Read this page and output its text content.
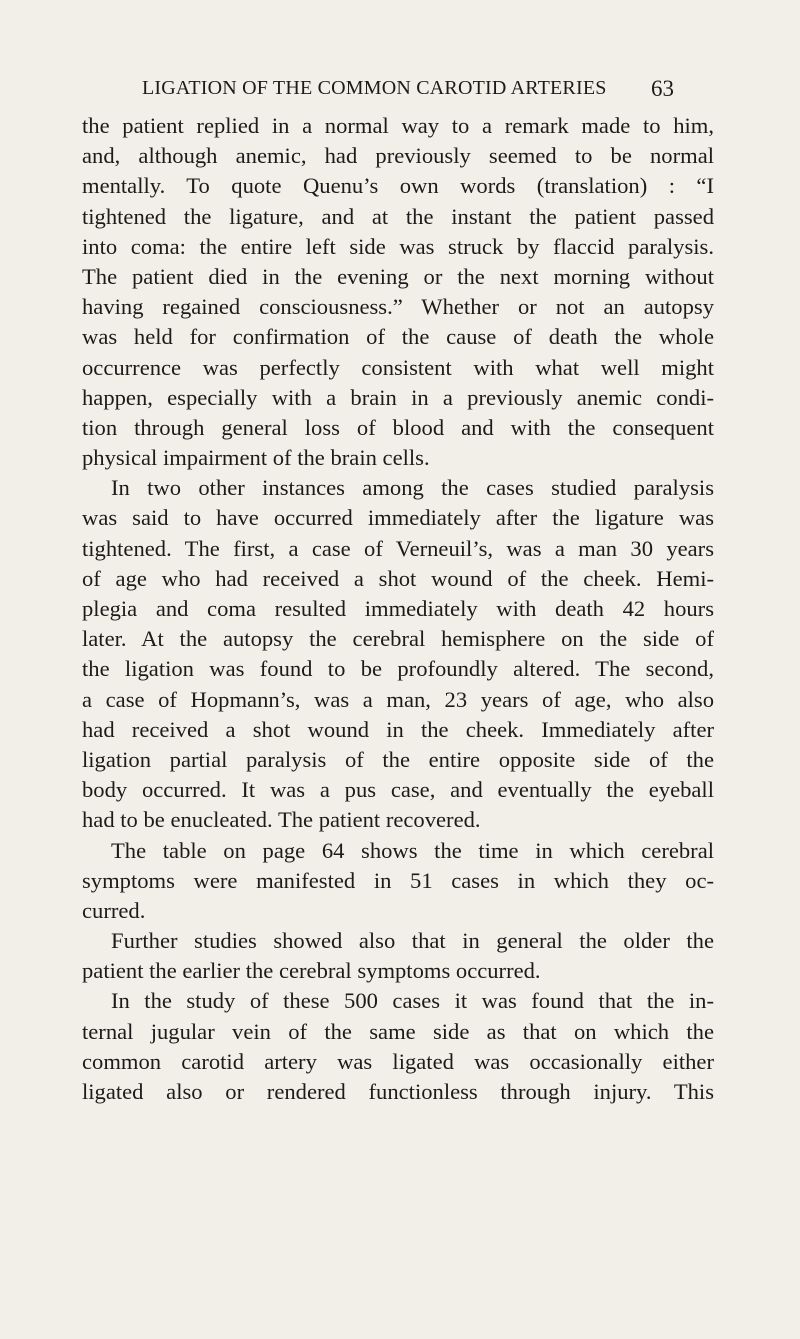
LIGATION OF THE COMMON CAROTID ARTERIES 63
the patient replied in a normal way to a remark made to him,
and, although anemic, had previously seemed to be normal
mentally. To quote Quenu’s own words (translation) : “I
tightened the ligature, and at the instant the patient passed
into coma: the entire left side was struck by flaccid paralysis.
The patient died in the evening or the next morning without
having regained consciousness.” Whether or not an autopsy
was held for confirmation of the cause of death the whole
occurrence was perfectly consistent with what well might
happen, especially with a brain in a previously anemic condi-
tion through general loss of blood and with the consequent
physical impairment of the brain cells.
In two other instances among the cases studied paralysis
was said to have occurred immediately after the ligature was
tightened. The first, a case of Verneuil’s, was a man 30 years
of age who had received a shot wound of the cheek. Hemi-
plegia and coma resulted immediately with death 42 hours
later. At the autopsy the cerebral hemisphere on the side of
the ligation was found to be profoundly altered. The second,
a case of Hopmann’s, was a man, 23 years of age, who also
had received a shot wound in the cheek. Immediately after
ligation partial paralysis of the entire opposite side of the
body occurred. It was a pus case, and eventually the eyeball
had to be enucleated. The patient recovered.
The table on page 64 shows the time in which cerebral
symptoms were manifested in 51 cases in which they oc-
curred.
Further studies showed also that in general the older the
patient the earlier the cerebral symptoms occurred.
In the study of these 500 cases it was found that the in-
ternal jugular vein of the same side as that on which the
common carotid artery was ligated was occasionally either
ligated also or rendered functionless through injury. This
